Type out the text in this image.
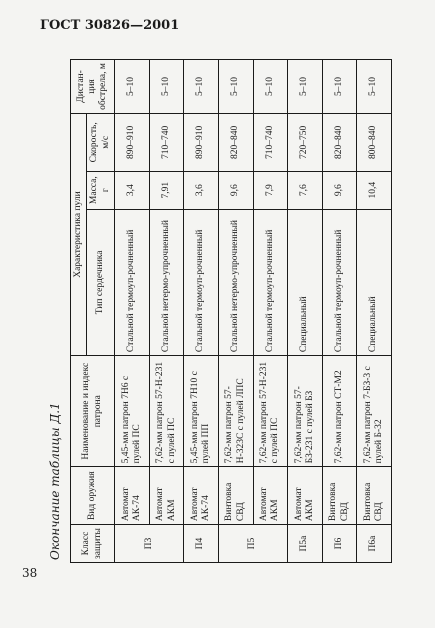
ГОСТ 30826—2001
Окончание таблицы Д.1
38
Класс защиты	Вид оружия	Наименование и индекс патрона	Характеристика пули			Дистан-ция обстрела, м
			Тип сердечника	Масса, г	Скорость, м/с	
П3	Автомат АК-74	5,45-мм патрон 7Н6 с пулей ПС	Стальной термоуп-рочненный	3,4	890–910	5–10
	Автомат АКМ	7,62-мм патрон 57-Н-231 с пулей ПС	Стальной нетермо-упрочненный	7,91	710–740	5–10
П4	Автомат АК-74	5,45-мм патрон 7Н10 с пулей ПП	Стальной термоуп-рочненный	3,6	890–910	5–10
П5	Винтовка СВД	7,62-мм патрон 57-Н-323С с пулей ЛПС	Стальной нетермо-упрочненный	9,6	820–840	5–10
	Автомат АКМ	7,62-мм патрон 57-Н-231 с пулей ПС	Стальной термоуп-рочненный	7,9	710–740	5–10
П5а	Автомат АКМ	7,62-мм патрон 57-БЗ-231 с пулей БЗ	Специальный	7,6	720–750	5–10
П6	Винтовка СВД	7,62-мм патрон СТ-М2	Стальной термоуп-рочненный	9,6	820–840	5–10
П6а	Винтовка СВД	7,62-мм патрон 7-БЗ-3 с пулей Б-32	Специальный	10,4	800–840	5–10
